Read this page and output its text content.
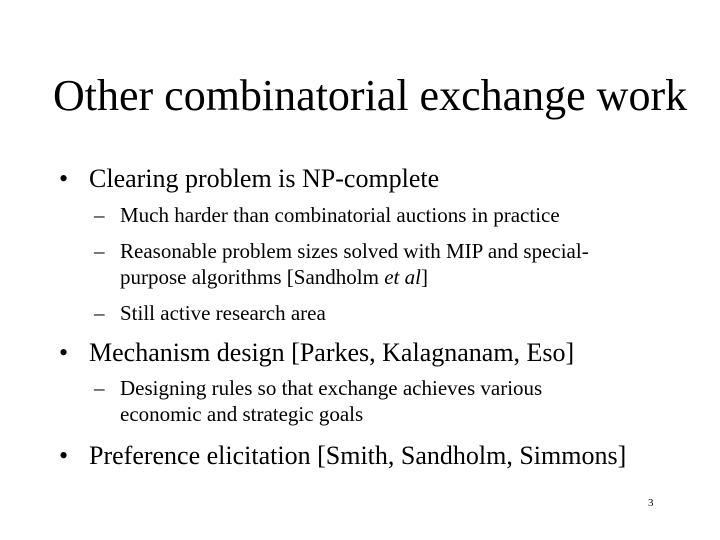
Other combinatorial exchange work
• Clearing problem is NP-complete
– Much harder than combinatorial auctions in practice
– Reasonable problem sizes solved with MIP and special-
purpose algorithms [Sandholm et al]
– Still active research area
• Mechanism design [Parkes, Kalagnanam, Eso]
– Designing rules so that exchange achieves various
economic and strategic goals
• Preference elicitation [Smith, Sandholm, Simmons]
3
